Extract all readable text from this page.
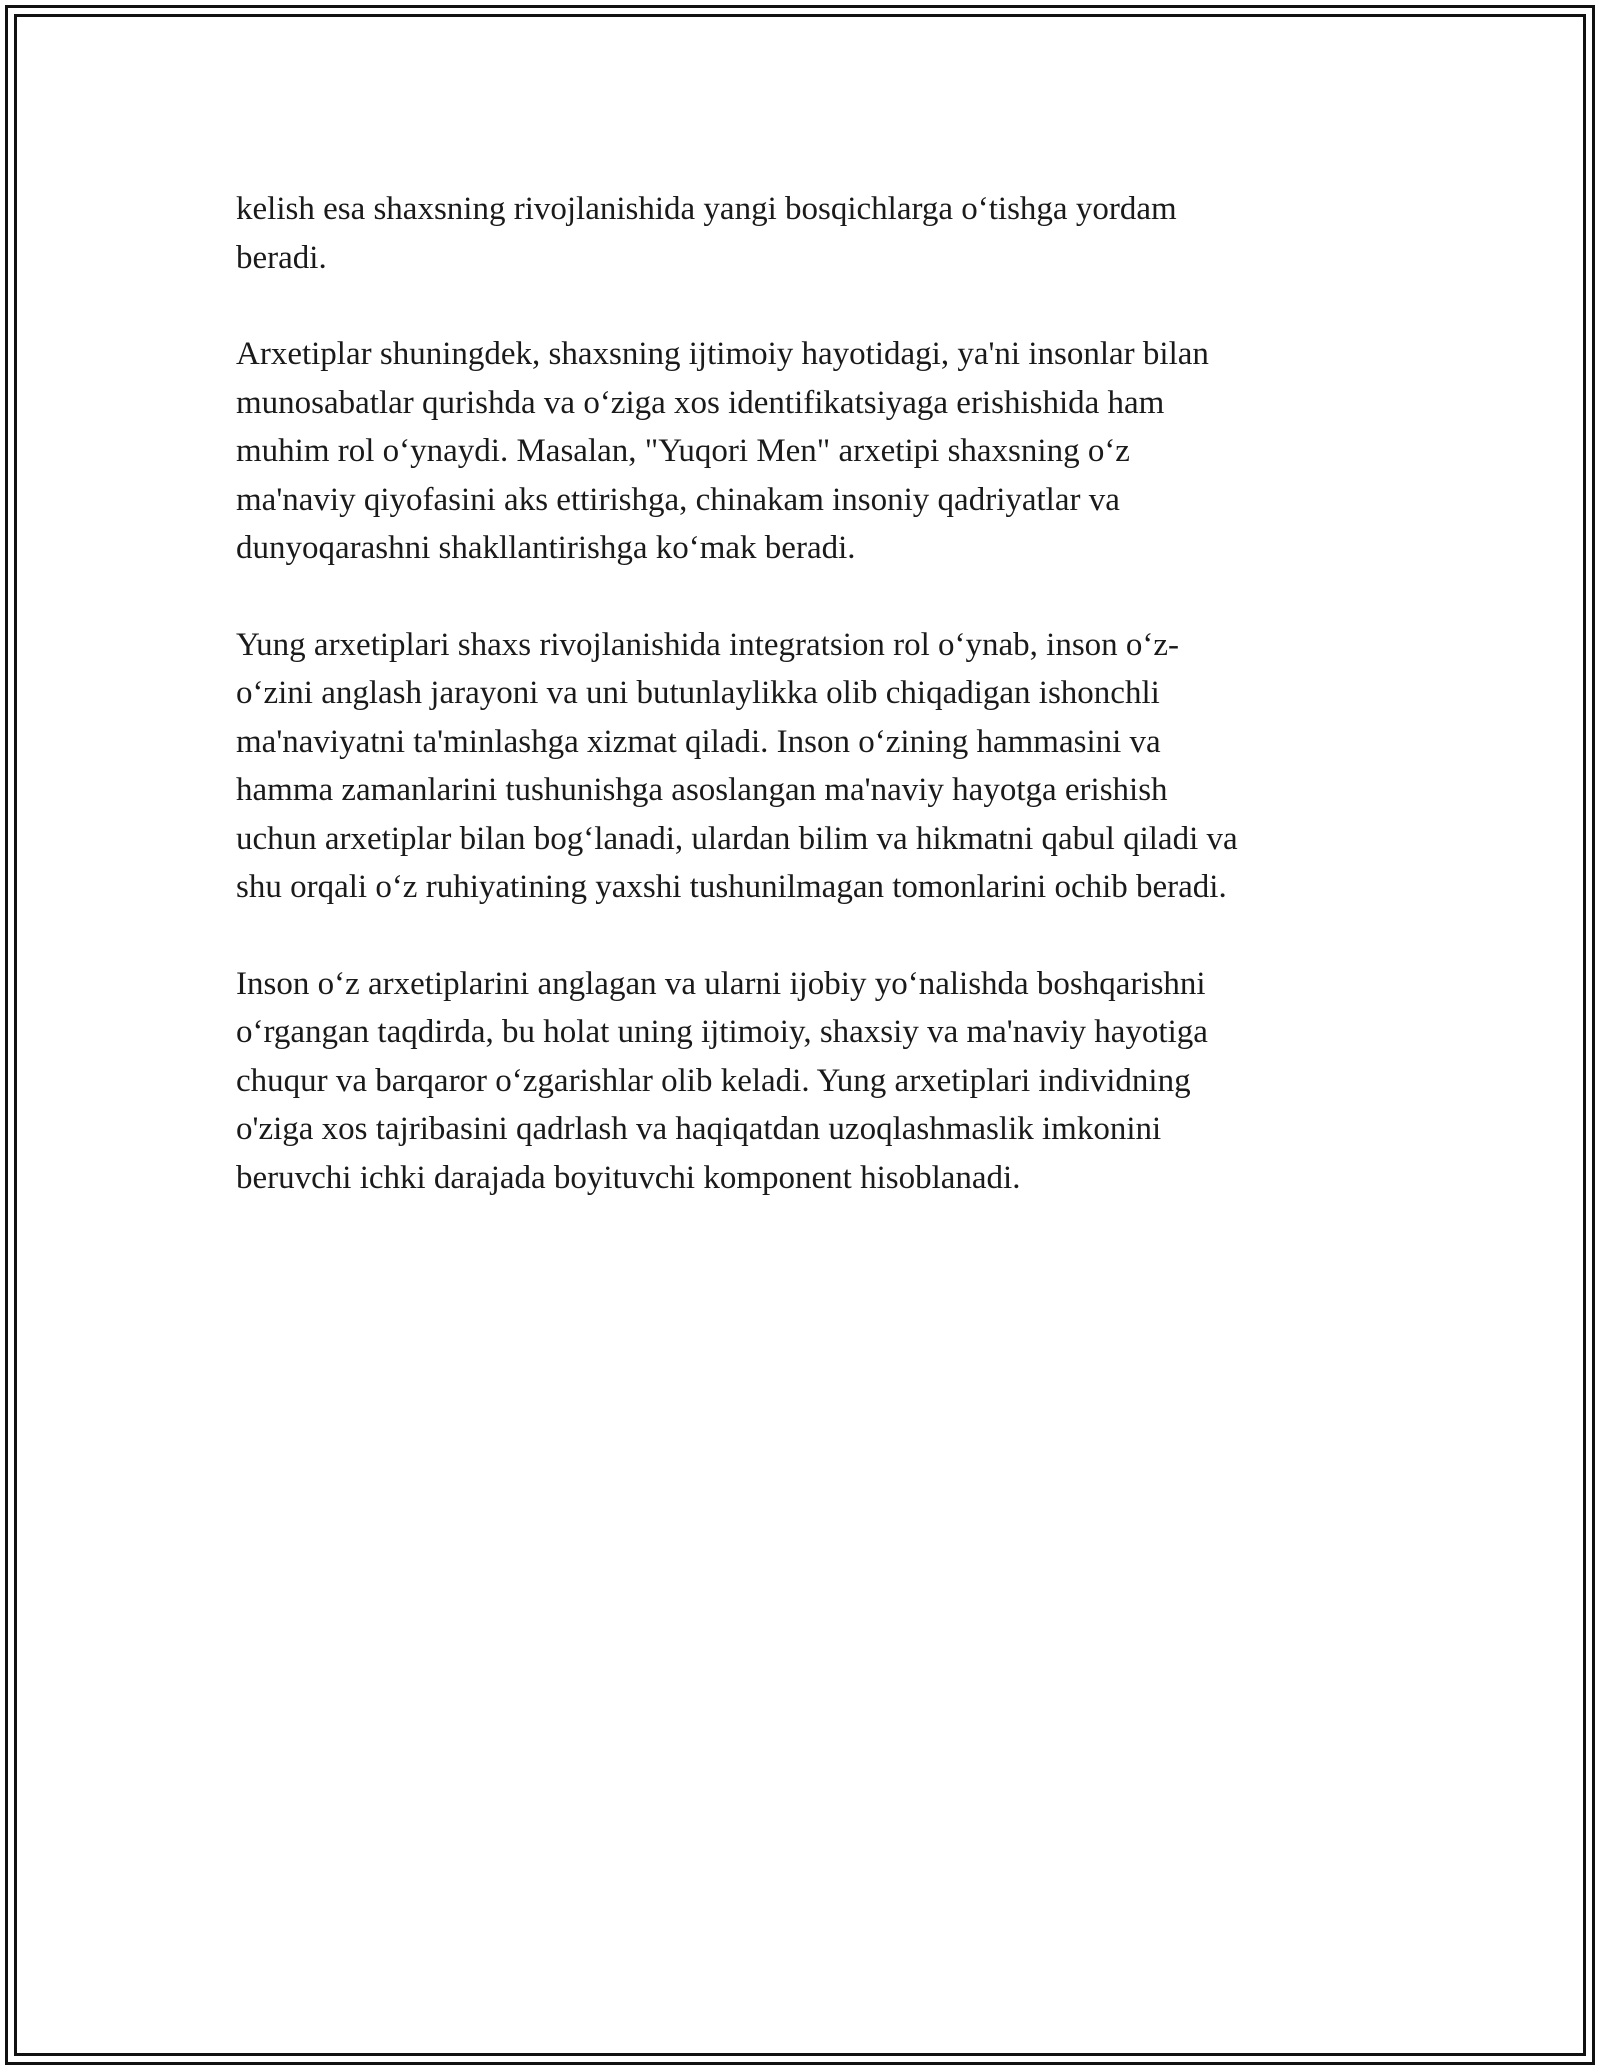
kelish esa shaxsning rivojlanishida yangi bosqichlarga o‘tishga yordam
beradi.

Arxetiplar shuningdek, shaxsning ijtimoiy hayotidagi, ya'ni insonlar bilan
munosabatlar qurishda va o‘ziga xos identifikatsiyaga erishishida ham
muhim rol o‘ynaydi. Masalan, "Yuqori Men" arxetipi shaxsning o‘z
ma'naviy qiyofasini aks ettirishga, chinakam insoniy qadriyatlar va
dunyoqarashni shakllantirishga ko‘mak beradi.

Yung arxetiplari shaxs rivojlanishida integratsion rol o‘ynab, inson o‘z-
o‘zini anglash jarayoni va uni butunlaylikka olib chiqadigan ishonchli
ma'naviyatni ta'minlashga xizmat qiladi. Inson o‘zining hammasini va
hamma zamanlarini tushunishga asoslangan ma'naviy hayotga erishish
uchun arxetiplar bilan bog‘lanadi, ulardan bilim va hikmatni qabul qiladi va
shu orqali o‘z ruhiyatining yaxshi tushunilmagan tomonlarini ochib beradi.

Inson o‘z arxetiplarini anglagan va ularni ijobiy yo‘nalishda boshqarishni
o‘rgangan taqdirda, bu holat uning ijtimoiy, shaxsiy va ma'naviy hayotiga
chuqur va barqaror o‘zgarishlar olib keladi. Yung arxetiplari individning
o'ziga xos tajribasini qadrlash va haqiqatdan uzoqlashmaslik imkonini
beruvchi ichki darajada boyituvchi komponent hisoblanadi.
